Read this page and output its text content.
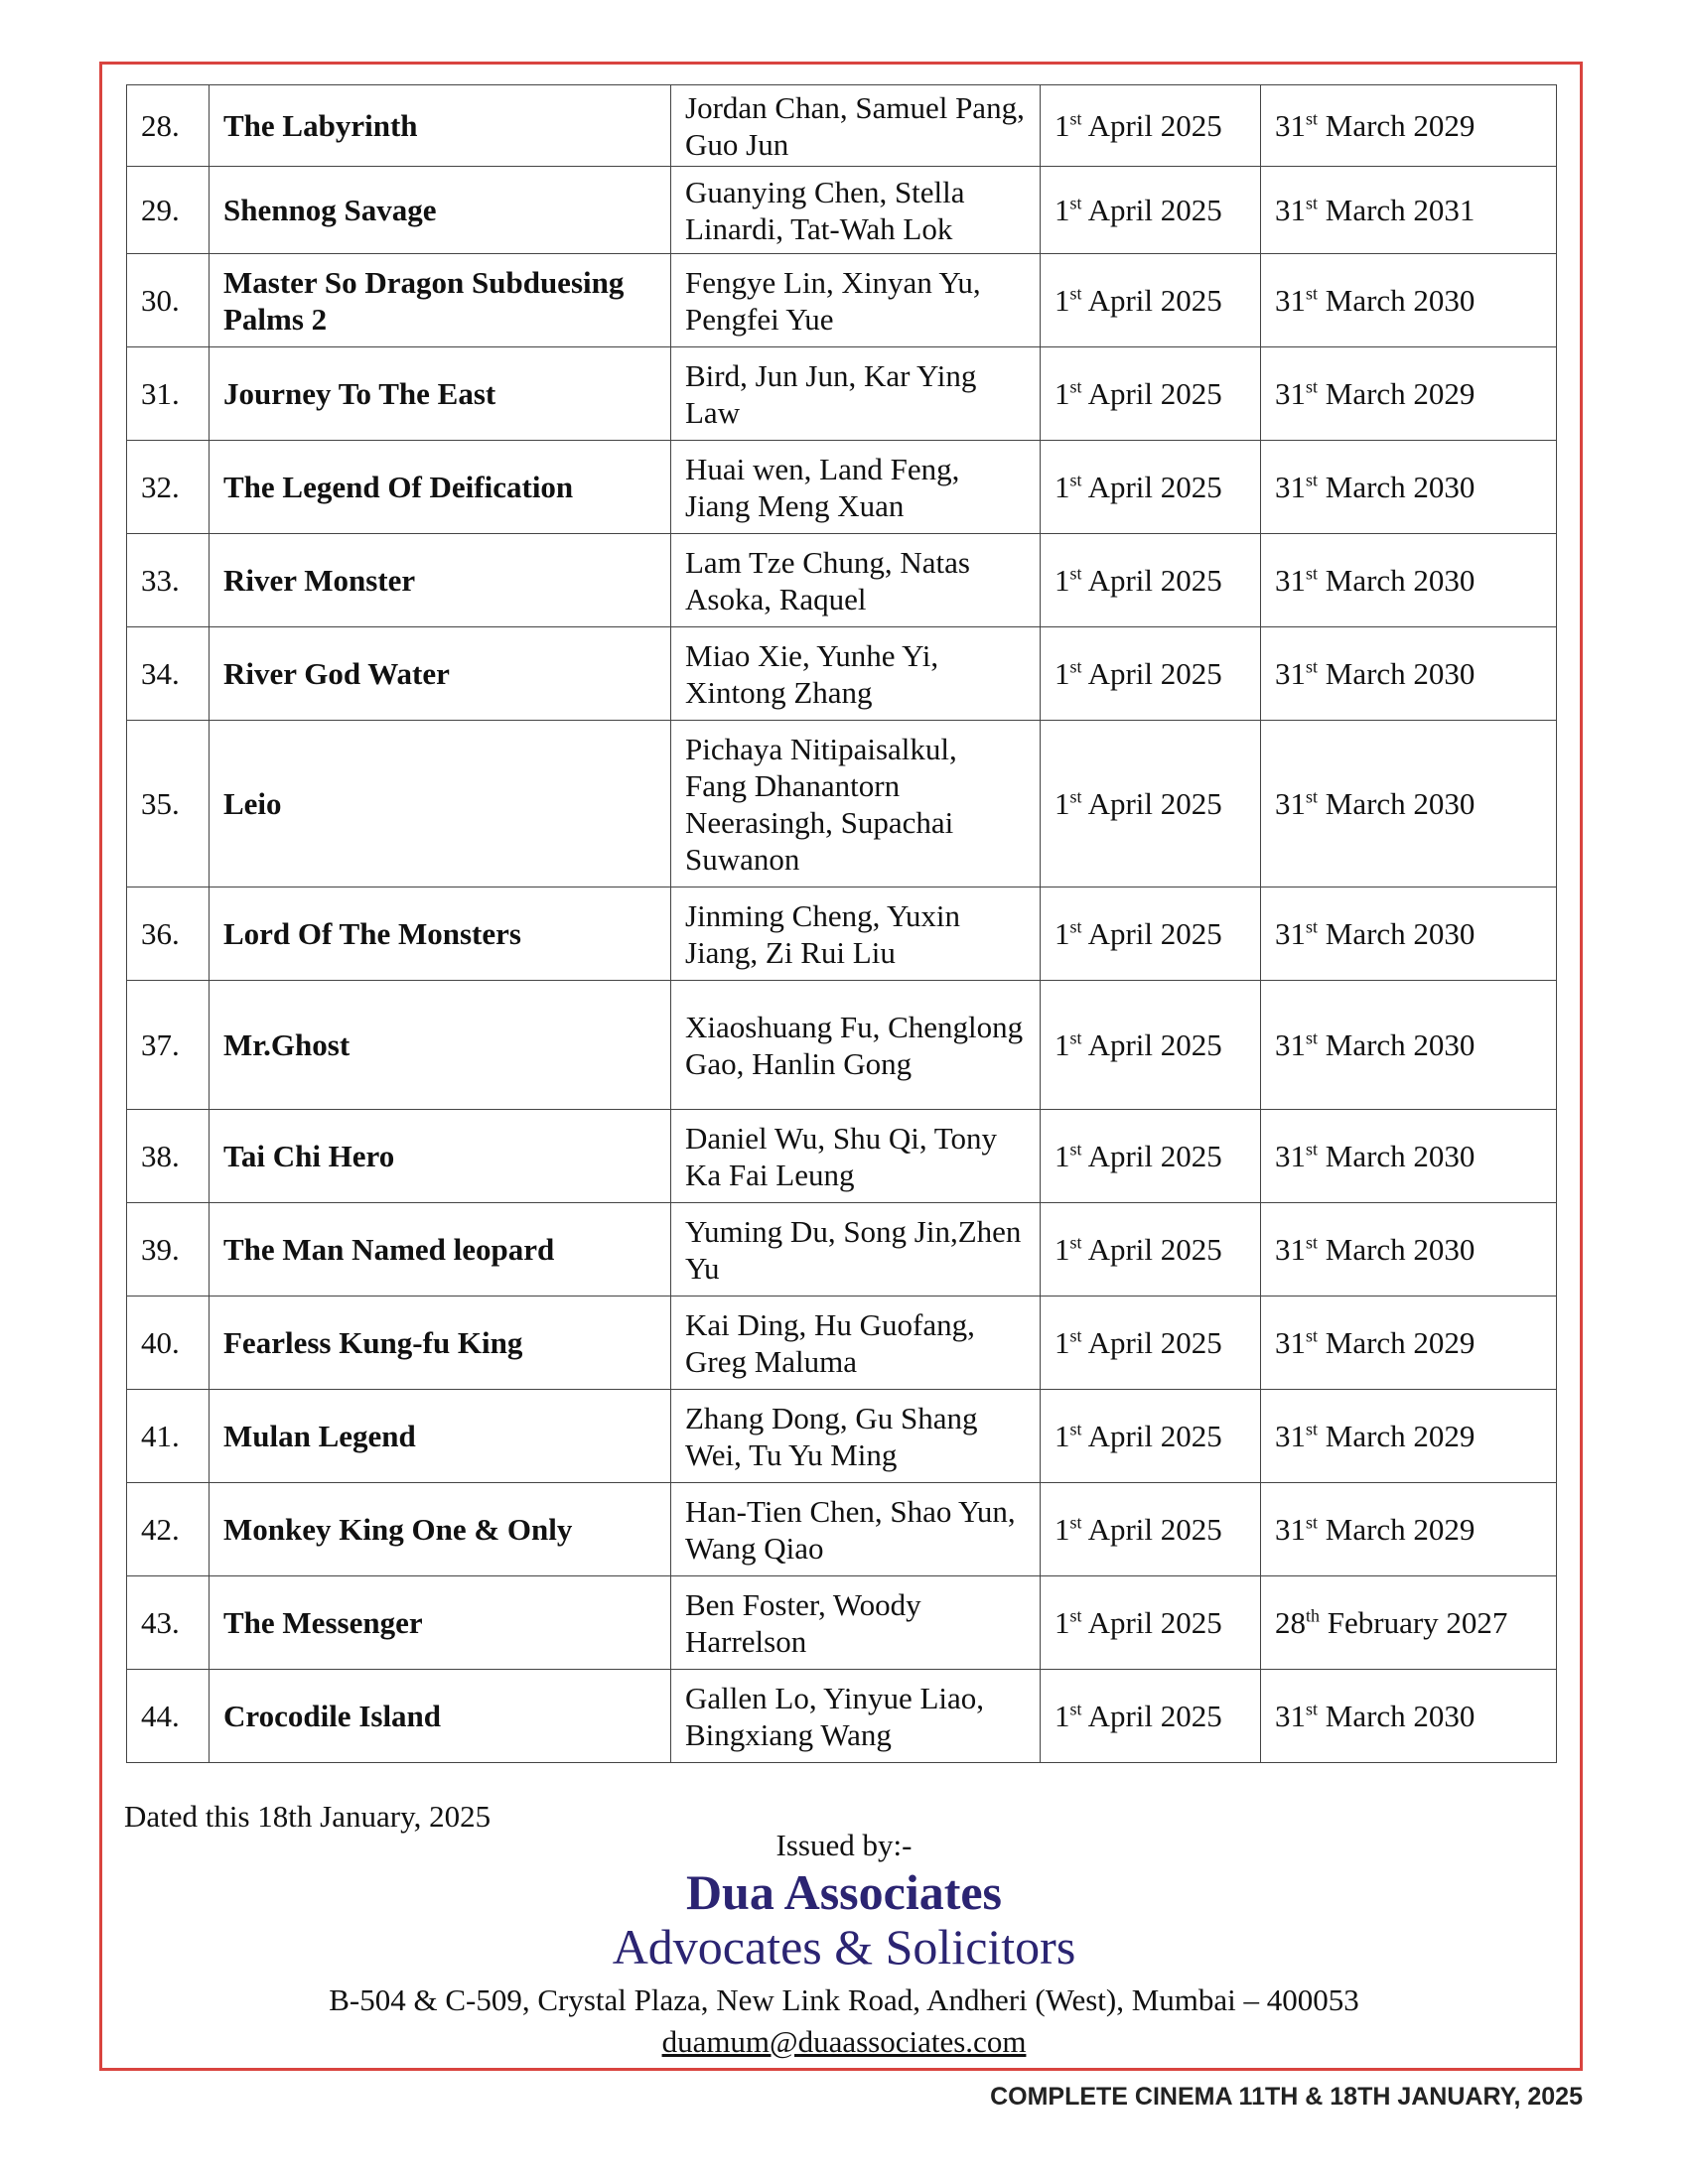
28.	The Labyrinth	Jordan Chan, Samuel Pang, Guo Jun	1st April 2025	31st March 2029
29.	Shennog Savage	Guanying Chen, Stella Linardi, Tat-Wah Lok	1st April 2025	31st March 2031
30.	Master So Dragon Subduesing Palms 2	Fengye Lin, Xinyan Yu, Pengfei Yue	1st April 2025	31st March 2030
31.	Journey To The East	Bird, Jun Jun, Kar Ying Law	1st April 2025	31st March 2029
32.	The Legend Of Deification	Huai wen, Land Feng, Jiang Meng Xuan	1st April 2025	31st March 2030
33.	River Monster	Lam Tze Chung, Natas Asoka, Raquel	1st April 2025	31st March 2030
34.	River God Water	Miao Xie, Yunhe Yi, Xintong Zhang	1st April 2025	31st March 2030
35.	Leio	Pichaya Nitipaisalkul, Fang Dhanantorn Neerasingh, Supachai Suwanon	1st April 2025	31st March 2030
36.	Lord Of The Monsters	Jinming Cheng, Yuxin Jiang, Zi Rui Liu	1st April 2025	31st March 2030
37.	Mr.Ghost	Xiaoshuang Fu, Chenglong Gao, Hanlin Gong	1st April 2025	31st March 2030
38.	Tai Chi Hero	Daniel Wu, Shu Qi, Tony Ka Fai Leung	1st April 2025	31st March 2030
39.	The Man Named leopard	Yuming Du, Song Jin,Zhen Yu	1st April 2025	31st March 2030
40.	Fearless Kung-fu King	Kai Ding, Hu Guofang, Greg Maluma	1st April 2025	31st March 2029
41.	Mulan Legend	Zhang Dong, Gu Shang Wei, Tu Yu Ming	1st April 2025	31st March 2029
42.	Monkey King One & Only	Han-Tien Chen, Shao Yun, Wang Qiao	1st April 2025	31st March 2029
43.	The Messenger	Ben Foster, Woody Harrelson	1st April 2025	28th February 2027
44.	Crocodile Island	Gallen Lo, Yinyue Liao, Bingxiang Wang	1st April 2025	31st March 2030
Dated this 18th January, 2025
Issued by:-
Dua Associates
Advocates & Solicitors
B-504 & C-509, Crystal Plaza, New Link Road, Andheri (West), Mumbai – 400053
duamum@duaassociates.com
COMPLETE CINEMA 11TH & 18TH JANUARY, 2025
